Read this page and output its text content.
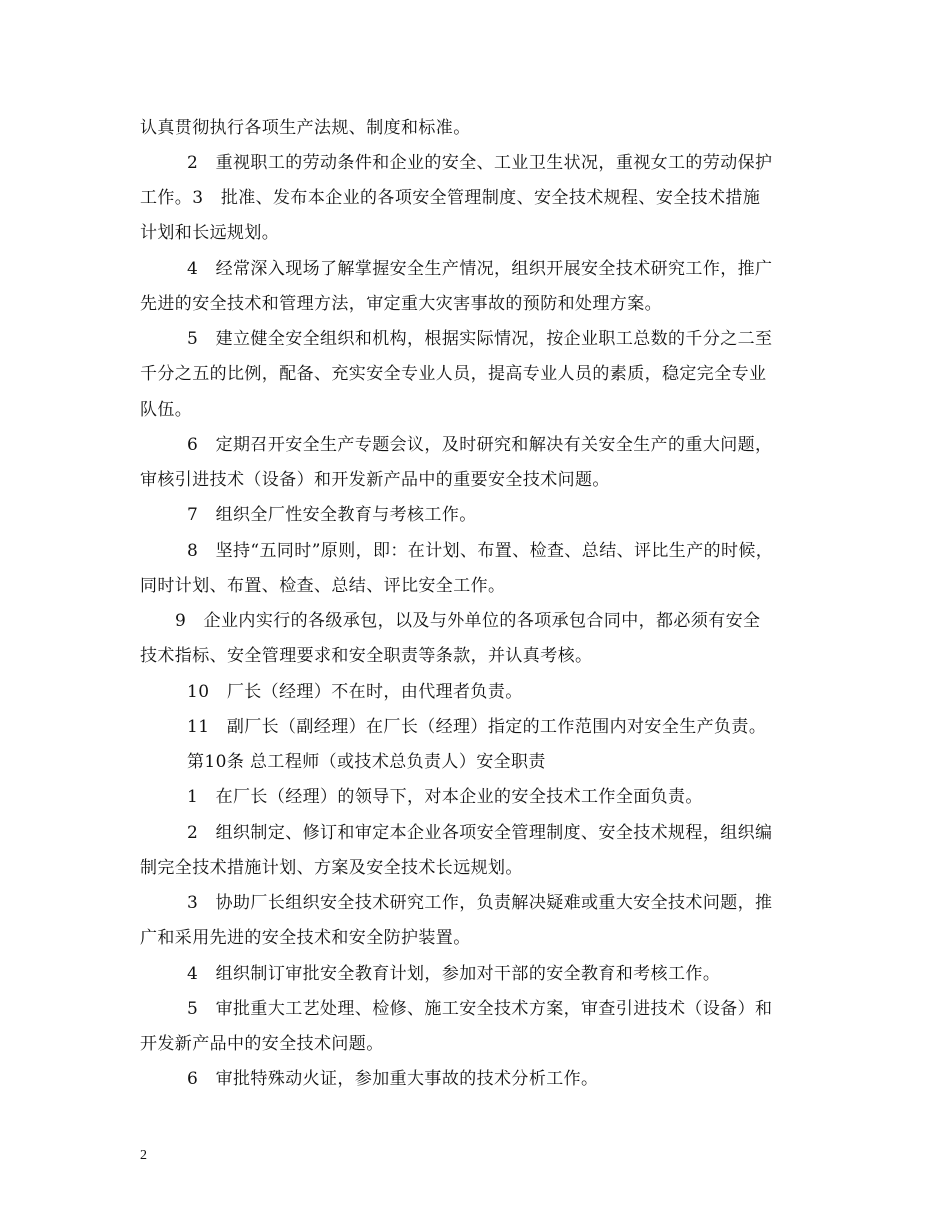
认真贯彻执行各项生产法规、制度和标准。
2　重视职工的劳动条件和企业的安全、工业卫生状况，重视女工的劳动保护
工作。3　批准、发布本企业的各项安全管理制度、安全技术规程、安全技术措施
计划和长远规划。
4　经常深入现场了解掌握安全生产情况，组织开展安全技术研究工作，推广
先进的安全技术和管理方法，审定重大灾害事故的预防和处理方案。
5　建立健全安全组织和机构，根据实际情况，按企业职工总数的千分之二至
千分之五的比例，配备、充实安全专业人员，提高专业人员的素质，稳定完全专业
队伍。
6　定期召开安全生产专题会议，及时研究和解决有关安全生产的重大问题，
审核引进技术（设备）和开发新产品中的重要安全技术问题。
7　组织全厂性安全教育与考核工作。
8　坚持“五同时”原则，即：在计划、布置、检查、总结、评比生产的时候，
同时计划、布置、检查、总结、评比安全工作。
9　企业内实行的各级承包，以及与外单位的各项承包合同中，都必须有安全
技术指标、安全管理要求和安全职责等条款，并认真考核。
10　厂长（经理）不在时，由代理者负责。
11　副厂长（副经理）在厂长（经理）指定的工作范围内对安全生产负责。
第10条 总工程师（或技术总负责人）安全职责
1　在厂长（经理）的领导下，对本企业的安全技术工作全面负责。
2　组织制定、修订和审定本企业各项安全管理制度、安全技术规程，组织编
制完全技术措施计划、方案及安全技术长远规划。
3　协助厂长组织安全技术研究工作，负责解决疑难或重大安全技术问题，推
广和采用先进的安全技术和安全防护装置。
4　组织制订审批安全教育计划，参加对干部的安全教育和考核工作。
5　审批重大工艺处理、检修、施工安全技术方案，审查引进技术（设备）和
开发新产品中的安全技术问题。
6　审批特殊动火证，参加重大事故的技术分析工作。
2
